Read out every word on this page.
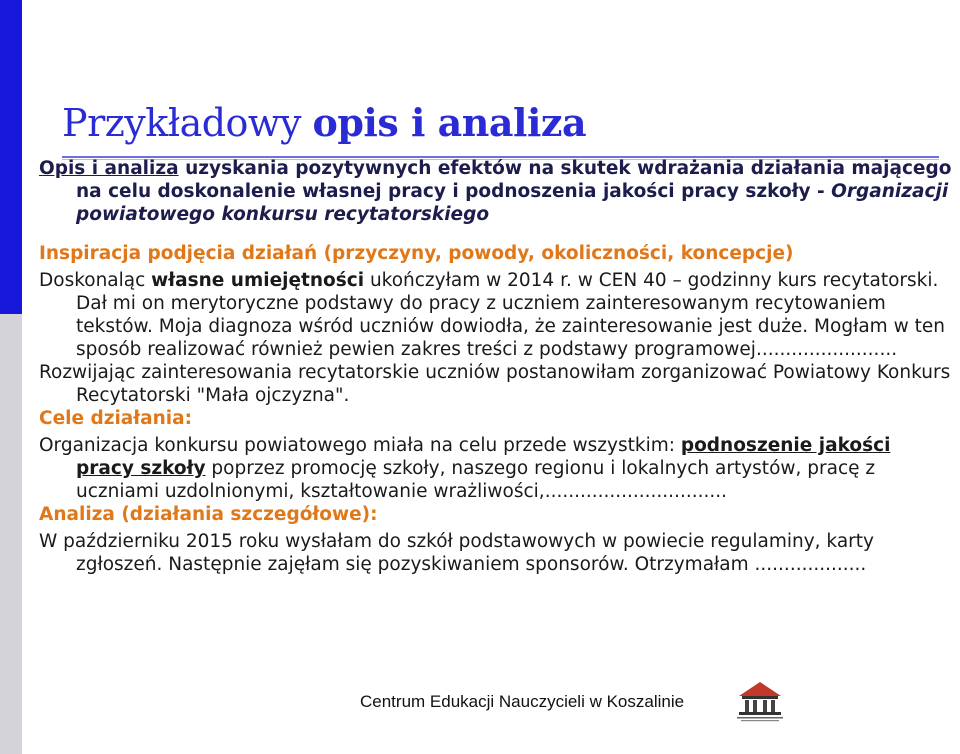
Przykładowy opis i analiza

Opis i analiza uzyskania pozytywnych efektów na skutek wdrażania działania mającego na celu doskonalenie własnej pracy i podnoszenia jakości pracy szkoły - Organizacji powiatowego konkursu recytatorskiego

Inspiracja podjęcia działań (przyczyny, powody, okoliczności, koncepcje)

Doskonaląc własne umiejętności ukończyłam w 2014 r. w CEN 40 – godzinny kurs recytatorski. Dał mi on merytoryczne podstawy do pracy z uczniem zainteresowanym recytowaniem tekstów. Moja diagnoza wśród uczniów dowiodła, że zainteresowanie jest duże. Mogłam w ten sposób realizować również pewien zakres treści z podstawy programowej........................

Rozwijając zainteresowania recytatorskie uczniów postanowiłam zorganizować Powiatowy Konkurs Recytatorski "Mała ojczyzna".

Cele działania:

Organizacja konkursu powiatowego miała na celu przede wszystkim: podnoszenie jakości pracy szkoły poprzez promocję szkoły, naszego regionu i lokalnych artystów, pracę z uczniami uzdolnionymi, kształtowanie wrażliwości,...............................

Analiza (działania szczegółowe):

W październiku 2015 roku wysłałam do szkół podstawowych w powiecie regulaminy, karty zgłoszeń. Następnie zajęłam się pozyskiwaniem sponsorów. Otrzymałam ...................

Centrum Edukacji Nauczycieli w Koszalinie
